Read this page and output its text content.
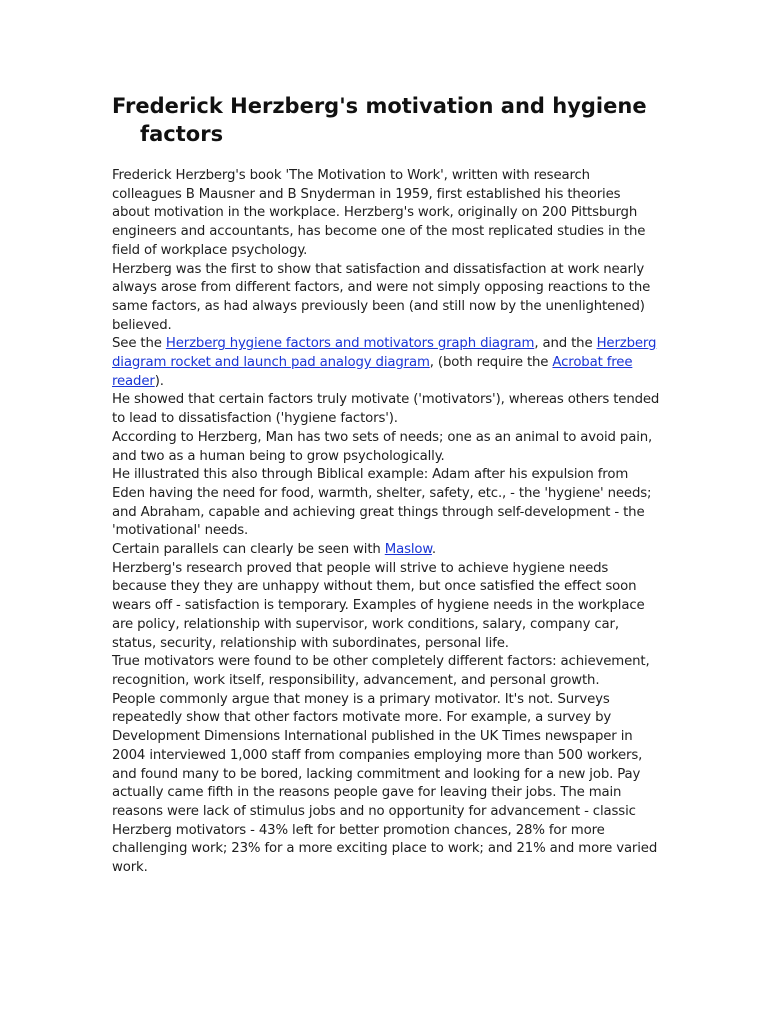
Frederick Herzberg's motivation and hygiene factors

Frederick Herzberg's book 'The Motivation to Work', written with research colleagues B Mausner and B Snyderman in 1959, first established his theories about motivation in the workplace. Herzberg's work, originally on 200 Pittsburgh engineers and accountants, has become one of the most replicated studies in the field of workplace psychology.

Herzberg was the first to show that satisfaction and dissatisfaction at work nearly always arose from different factors, and were not simply opposing reactions to the same factors, as had always previously been (and still now by the unenlightened) believed.

See the Herzberg hygiene factors and motivators graph diagram, and the Herzberg diagram rocket and launch pad analogy diagram, (both require the Acrobat free reader).

He showed that certain factors truly motivate ('motivators'), whereas others tended to lead to dissatisfaction ('hygiene factors').

According to Herzberg, Man has two sets of needs; one as an animal to avoid pain, and two as a human being to grow psychologically.

He illustrated this also through Biblical example: Adam after his expulsion from Eden having the need for food, warmth, shelter, safety, etc., - the 'hygiene' needs; and Abraham, capable and achieving great things through self-development - the 'motivational' needs.

Certain parallels can clearly be seen with Maslow.

Herzberg's research proved that people will strive to achieve hygiene needs because they they are unhappy without them, but once satisfied the effect soon wears off - satisfaction is temporary. Examples of hygiene needs in the workplace are policy, relationship with supervisor, work conditions, salary, company car, status, security, relationship with subordinates, personal life.

True motivators were found to be other completely different factors: achievement, recognition, work itself, responsibility, advancement, and personal growth.

People commonly argue that money is a primary motivator. It's not. Surveys repeatedly show that other factors motivate more. For example, a survey by Development Dimensions International published in the UK Times newspaper in 2004 interviewed 1,000 staff from companies employing more than 500 workers, and found many to be bored, lacking commitment and looking for a new job. Pay actually came fifth in the reasons people gave for leaving their jobs. The main reasons were lack of stimulus jobs and no opportunity for advancement - classic Herzberg motivators - 43% left for better promotion chances, 28% for more challenging work; 23% for a more exciting place to work; and 21% and more varied work.
